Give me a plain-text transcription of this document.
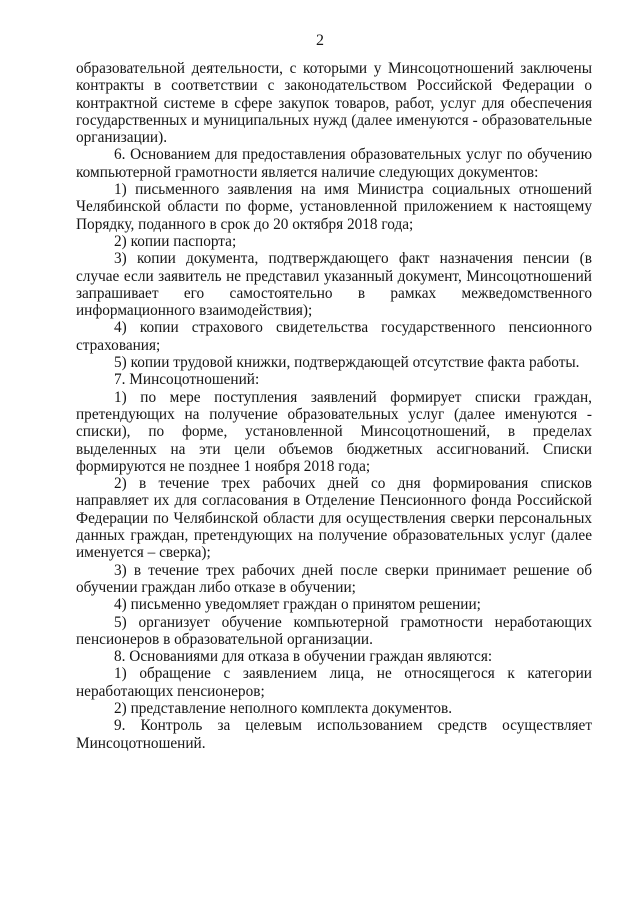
2

образовательной деятельности, с которыми у Минсоцотношений заключены контракты в соответствии с законодательством Российской Федерации о контрактной системе в сфере закупок товаров, работ, услуг для обеспечения государственных и муниципальных нужд (далее именуются - образовательные организации).

6. Основанием для предоставления образовательных услуг по обучению компьютерной грамотности является наличие следующих документов:

1) письменного заявления на имя Министра социальных отношений Челябинской области по форме, установленной приложением к настоящему Порядку, поданного в срок до 20 октября 2018 года;

2) копии паспорта;

3) копии документа, подтверждающего факт назначения пенсии (в случае если заявитель не представил указанный документ, Минсоцотношений запрашивает его самостоятельно в рамках межведомственного информационного взаимодействия);

4) копии страхового свидетельства государственного пенсионного страхования;

5) копии трудовой книжки, подтверждающей отсутствие факта работы.

7. Минсоцотношений:

1) по мере поступления заявлений формирует списки граждан, претендующих на получение образовательных услуг (далее именуются - списки), по форме, установленной Минсоцотношений, в пределах выделенных на эти цели объемов бюджетных ассигнований. Списки формируются не позднее 1 ноября 2018 года;

2) в течение трех рабочих дней со дня формирования списков направляет их для согласования в Отделение Пенсионного фонда Российской Федерации по Челябинской области для осуществления сверки персональных данных граждан, претендующих на получение образовательных услуг (далее именуется – сверка);

3) в течение трех рабочих дней после сверки принимает решение об обучении граждан либо отказе в обучении;

4) письменно уведомляет граждан о принятом решении;

5) организует обучение компьютерной грамотности неработающих пенсионеров в образовательной организации.

8. Основаниями для отказа в обучении граждан являются:

1) обращение с заявлением лица, не относящегося к категории неработающих пенсионеров;

2) представление неполного комплекта документов.

9. Контроль за целевым использованием средств осуществляет Минсоцотношений.
